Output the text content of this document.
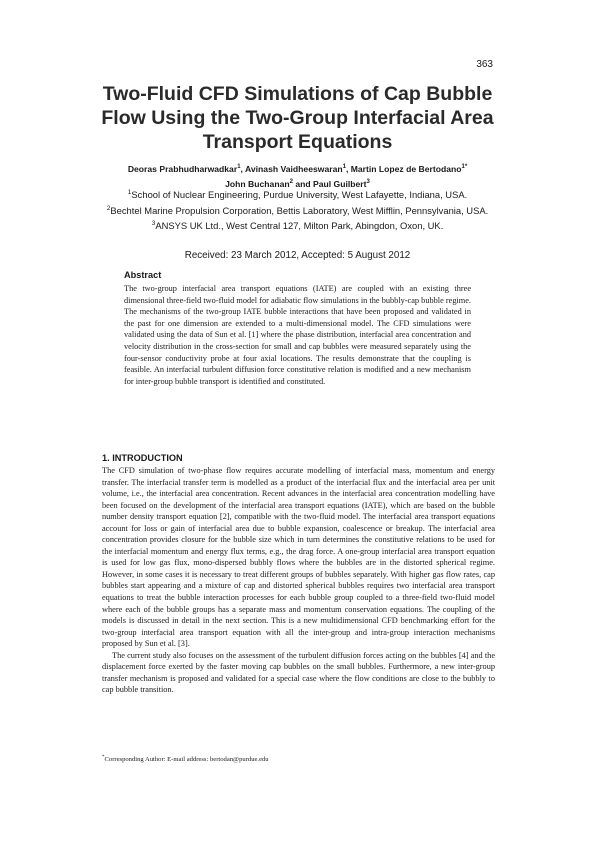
363
Two-Fluid CFD Simulations of Cap Bubble Flow Using the Two-Group Interfacial Area Transport Equations
Deoras Prabhudharwadkar$^1$, Avinash Vaidheeswaran$^1$, Martin Lopez de Bertodano$^{1*}$
John Buchanan$^2$ and Paul Guilbert$^3$
$^1$School of Nuclear Engineering, Purdue University, West Lafayette, Indiana, USA.
$^2$Bechtel Marine Propulsion Corporation, Bettis Laboratory, West Mifflin, Pennsylvania, USA.
$^3$ANSYS UK Ltd., West Central 127, Milton Park, Abingdon, Oxon, UK.
Received: 23 March 2012, Accepted: 5 August 2012
Abstract
The two-group interfacial area transport equations (IATE) are coupled with an existing three dimensional three-field two-fluid model for adiabatic flow simulations in the bubbly-cap bubble regime. The mechanisms of the two-group IATE bubble interactions that have been proposed and validated in the past for one dimension are extended to a multi-dimensional model. The CFD simulations were validated using the data of Sun et al. [1] where the phase distribution, interfacial area concentration and velocity distribution in the cross-section for small and cap bubbles were measured separately using the four-sensor conductivity probe at four axial locations. The results demonstrate that the coupling is feasible. An interfacial turbulent diffusion force constitutive relation is modified and a new mechanism for inter-group bubble transport is identified and constituted.
1. INTRODUCTION

The CFD simulation of two-phase flow requires accurate modelling of interfacial mass, momentum and energy transfer. The interfacial transfer term is modelled as a product of the interfacial flux and the interfacial area per unit volume, i.e., the interfacial area concentration. Recent advances in the interfacial area concentration modelling have been focused on the development of the interfacial area transport equations (IATE), which are based on the bubble number density transport equation [2], compatible with the two-fluid model. The interfacial area transport equations account for loss or gain of interfacial area due to bubble expansion, coalescence or breakup. The interfacial area concentration provides closure for the bubble size which in turn determines the constitutive relations to be used for the interfacial momentum and energy flux terms, e.g., the drag force. A one-group interfacial area transport equation is used for low gas flux, mono-dispersed bubbly flows where the bubbles are in the distorted spherical regime. However, in some cases it is necessary to treat different groups of bubbles separately. With higher gas flow rates, cap bubbles start appearing and a mixture of cap and distorted spherical bubbles requires two interfacial area transport equations to treat the bubble interaction processes for each bubble group coupled to a three-field two-fluid model where each of the bubble groups has a separate mass and momentum conservation equations. The coupling of the models is discussed in detail in the next section. This is a new multidimensional CFD benchmarking effort for the two-group interfacial area transport equation with all the inter-group and intra-group interaction mechanisms proposed by Sun et al. [3].

The current study also focuses on the assessment of the turbulent diffusion forces acting on the bubbles [4] and the displacement force exerted by the faster moving cap bubbles on the small bubbles. Furthermore, a new inter-group transfer mechanism is proposed and validated for a special case where the flow conditions are close to the bubbly to cap bubble transition.

*Corresponding Author: E-mail address: bertodan@purdue.edu
